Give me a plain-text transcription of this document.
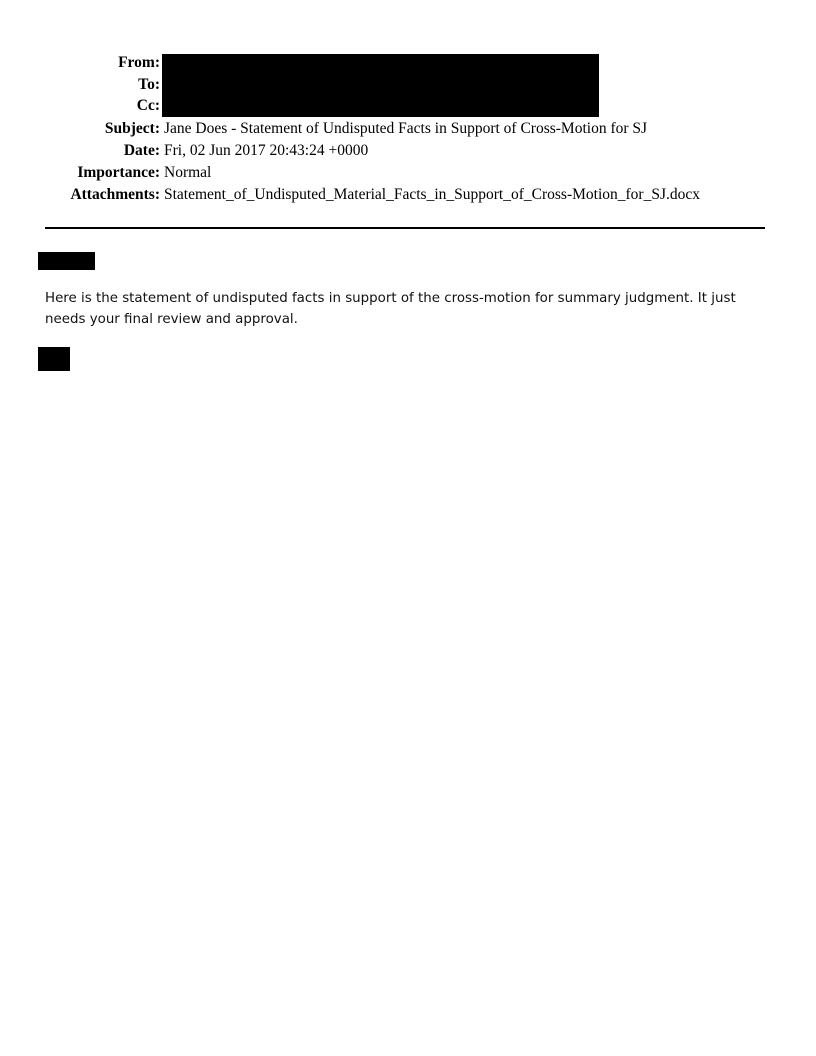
From:
To:
Cc:
Subject: Jane Does - Statement of Undisputed Facts in Support of Cross-Motion for SJ
Date: Fri, 02 Jun 2017 20:43:24 +0000
Importance: Normal
Attachments: Statement_of_Undisputed_Material_Facts_in_Support_of_Cross-Motion_for_SJ.docx
Here is the statement of undisputed facts in support of the cross-motion for summary judgment. It just needs your final review and approval.
